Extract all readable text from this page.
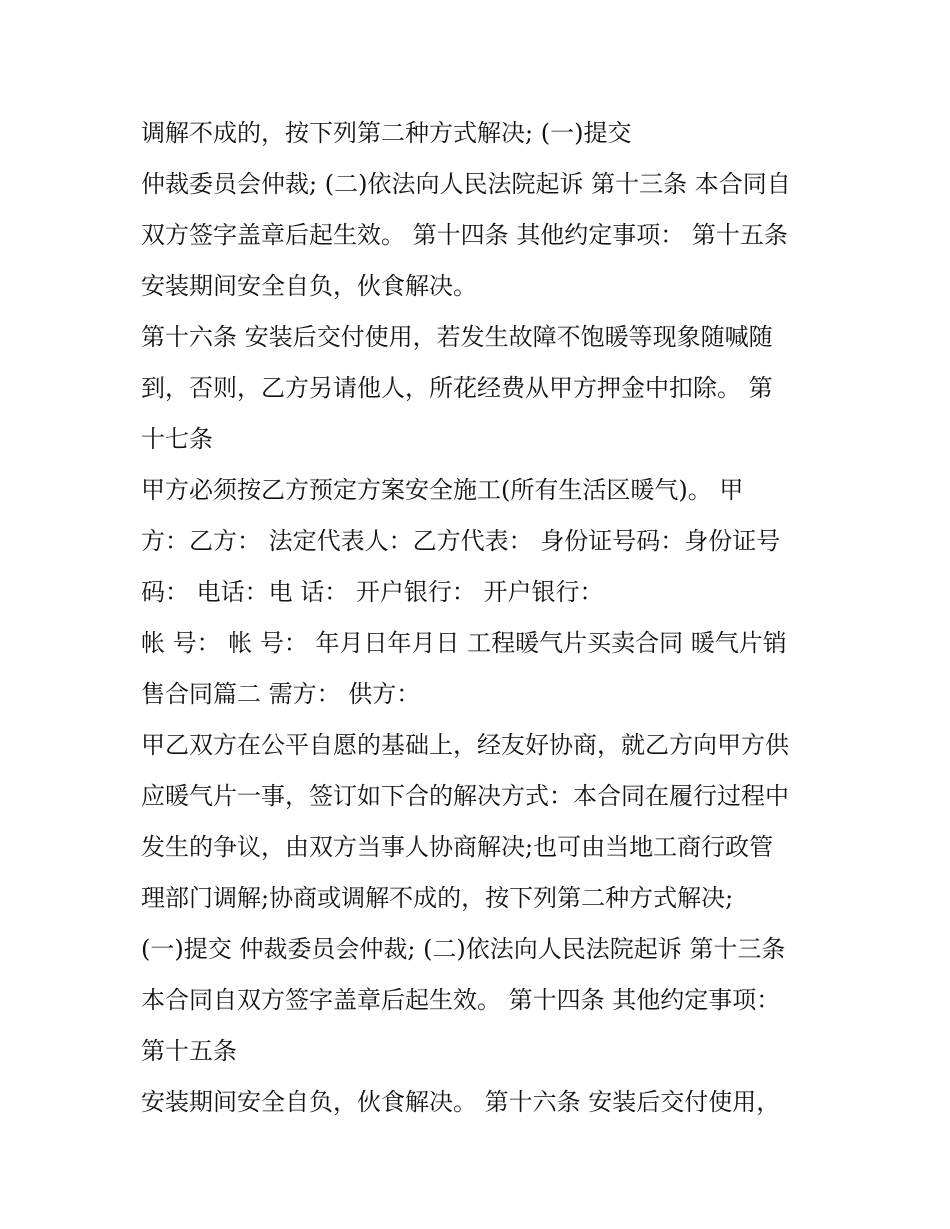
调解不成的，按下列第二种方式解决; (一)提交

仲裁委员会仲裁; (二)依法向人民法院起诉 第十三条 本合同自

双方签字盖章后起生效。 第十四条 其他约定事项： 第十五条

安装期间安全自负，伙食解决。

第十六条 安装后交付使用，若发生故障不饱暖等现象随喊随

到，否则，乙方另请他人，所花经费从甲方押金中扣除。 第

十七条

甲方必须按乙方预定方案安全施工(所有生活区暖气)。 甲

方：乙方： 法定代表人：乙方代表： 身份证号码：身份证号

码： 电话：电 话： 开户银行： 开户银行：

帐 号： 帐 号： 年月日年月日 工程暖气片买卖合同 暖气片销

售合同篇二 需方： 供方：

甲乙双方在公平自愿的基础上，经友好协商，就乙方向甲方供

应暖气片一事，签订如下合的解决方式：本合同在履行过程中

发生的争议，由双方当事人协商解决;也可由当地工商行政管

理部门调解;协商或调解不成的，按下列第二种方式解决;

(一)提交 仲裁委员会仲裁; (二)依法向人民法院起诉 第十三条

本合同自双方签字盖章后起生效。 第十四条 其他约定事项：

第十五条

安装期间安全自负，伙食解决。 第十六条 安装后交付使用，
